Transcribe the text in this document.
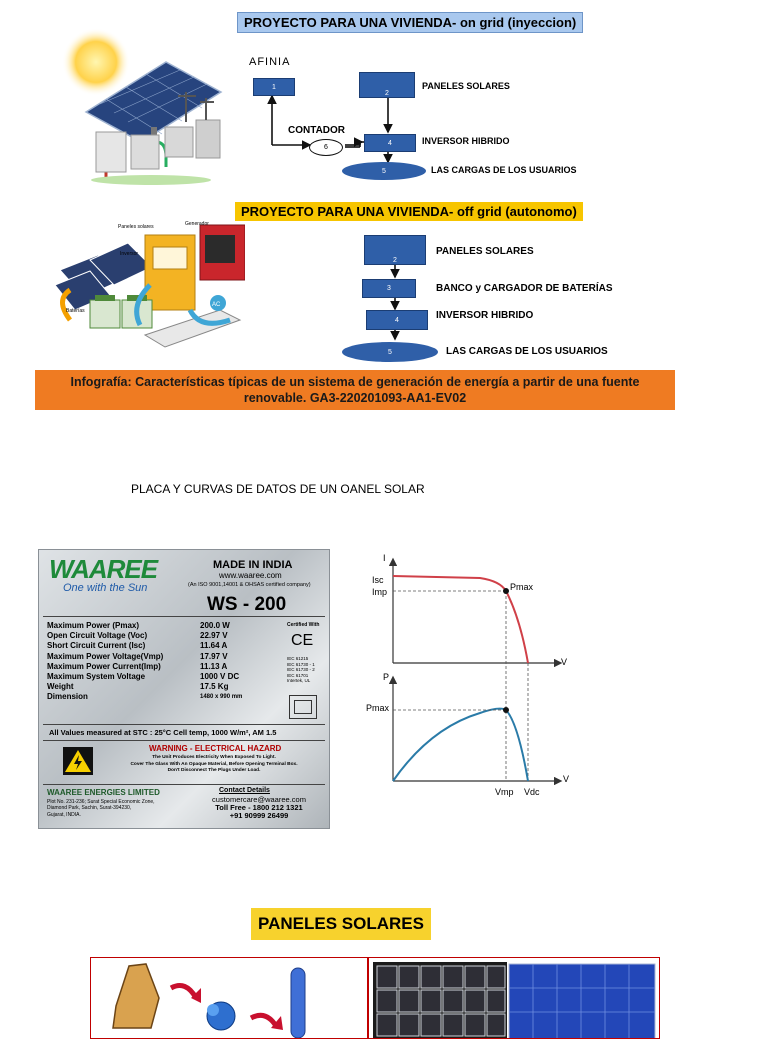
PROYECTO PARA UNA VIVIENDA- on grid (inyeccion)
AFINIA
1
2
PANELES SOLARES
CONTADOR
4	INVERSOR HIBRIDO
6
5	LAS CARGAS DE LOS USUARIOS
PROYECTO PARA UNA VIVIENDA- off grid (autonomo)
AC
Paneles solares	Generador
Inversor
Baterías
2
PANELES SOLARES
3	BANCO y CARGADOR DE BATERÍAS
4	INVERSOR HIBRIDO
5	LAS CARGAS DE LOS USUARIOS
Infografía: Características típicas de un sistema de generación de energía a partir de una fuente
renovable. GA3-220201093-AA1-EV02
PLACA Y CURVAS DE DATOS DE UN OANEL SOLAR
WAAREE
One with the Sun
MADE IN INDIA
www.waaree.com
(An ISO 9001,14001 & OHSAS certified company)
WS - 200
Maximum Power (Pmax)	200.0 W
Open Circuit Voltage (Voc)	22.97 V
Short Circuit Current (Isc)	11.64 A
Maximum Power Voltage(Vmp)	17.97 V
Maximum Power Current(Imp)	11.13 A
Maximum System Voltage	1000 V DC
Weight	17.5 Kg
Dimension	1480 x 990 mm
Certified With
CE
IEC 61215
IEC 61730 - 1
IEC 61730 - 2
IEC 61701
Intertek, UL
All Values measured at STC : 25°C Cell temp, 1000 W/m², AM 1.5
WARNING - ELECTRICAL HAZARD
The Unit Produces Electricity When Exposed To Light.
Cover The Glass With An Opaque Material, Before Opening Terminal Box.
Don't Disconnect The Plugs Under Load.
WAAREE ENERGIES LIMITED
Plot No. 231-236; Surat Special Economic Zone,
Diamond Park, Sachin, Surat-394230,
Gujarat, INDIA.
Contact Details
customercare@waaree.com
Toll Free - 1800 212 1321
+91 90999 26499
I
Isc
Imp	Pmax
V
P
Pmax
V
Vmp Vdc
PANELES SOLARES
